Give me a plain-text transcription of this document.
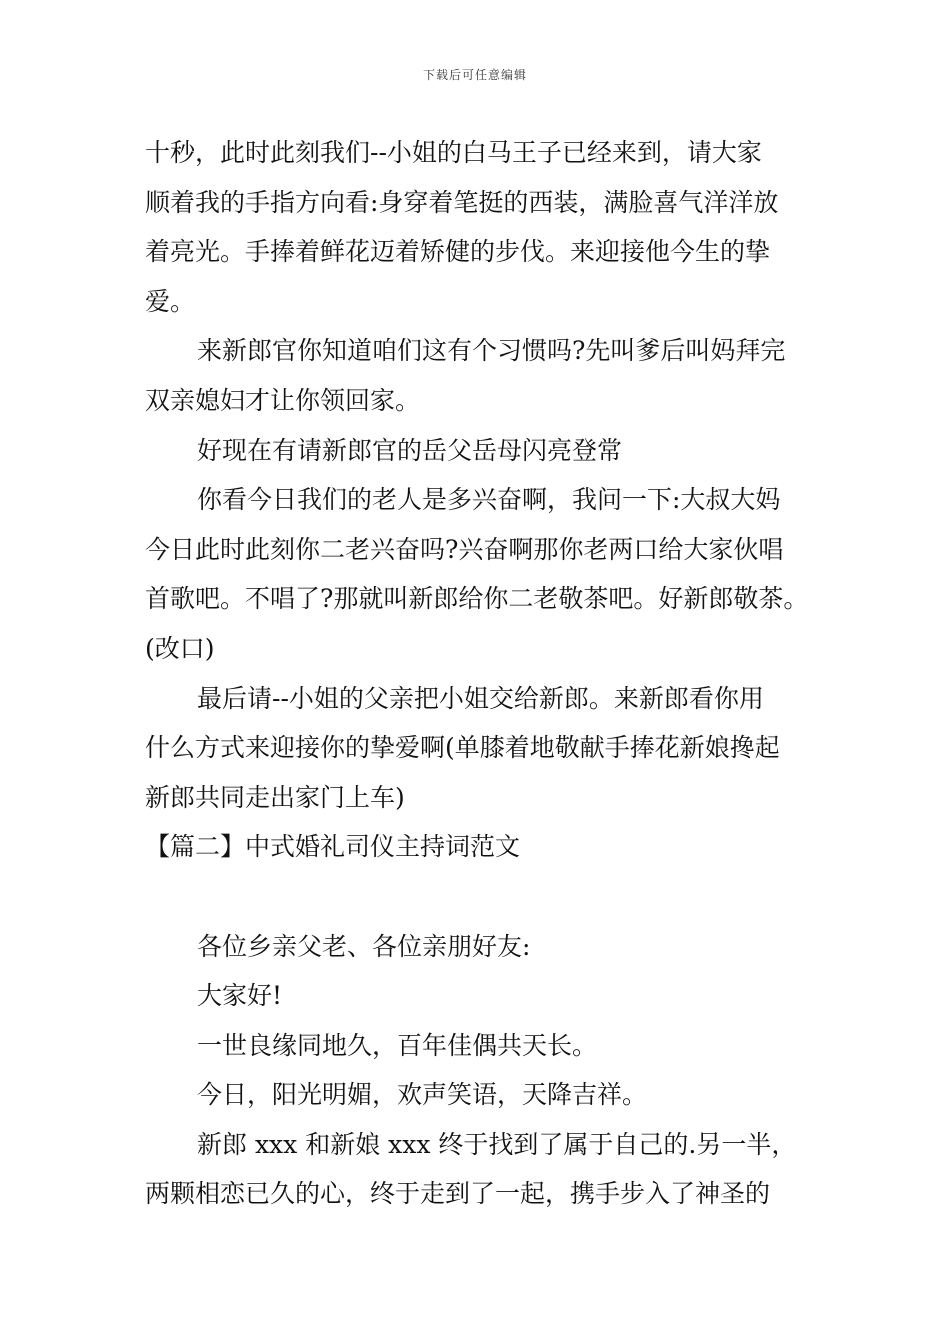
下载后可任意编辑
十秒，此时此刻我们--小姐的白马王子已经来到，请大家
顺着我的手指方向看:身穿着笔挺的西装，满脸喜气洋洋放
着亮光。手捧着鲜花迈着矫健的步伐。来迎接他今生的挚
爱。
来新郎官你知道咱们这有个习惯吗?先叫爹后叫妈拜完
双亲媳妇才让你领回家。
好现在有请新郎官的岳父岳母闪亮登常
你看今日我们的老人是多兴奋啊，我问一下:大叔大妈
今日此时此刻你二老兴奋吗?兴奋啊那你老两口给大家伙唱
首歌吧。不唱了?那就叫新郎给你二老敬茶吧。好新郎敬茶。
(改口)
最后请--小姐的父亲把小姐交给新郎。来新郎看你用
什么方式来迎接你的挚爱啊(单膝着地敬献手捧花新娘搀起
新郎共同走出家门上车)
【篇二】中式婚礼司仪主持词范文
各位乡亲父老、各位亲朋好友:
大家好!
一世良缘同地久，百年佳偶共天长。
今日，阳光明媚，欢声笑语，天降吉祥。
新郎 xxx 和新娘 xxx 终于找到了属于自己的.另一半，
两颗相恋已久的心，终于走到了一起，携手步入了神圣的
